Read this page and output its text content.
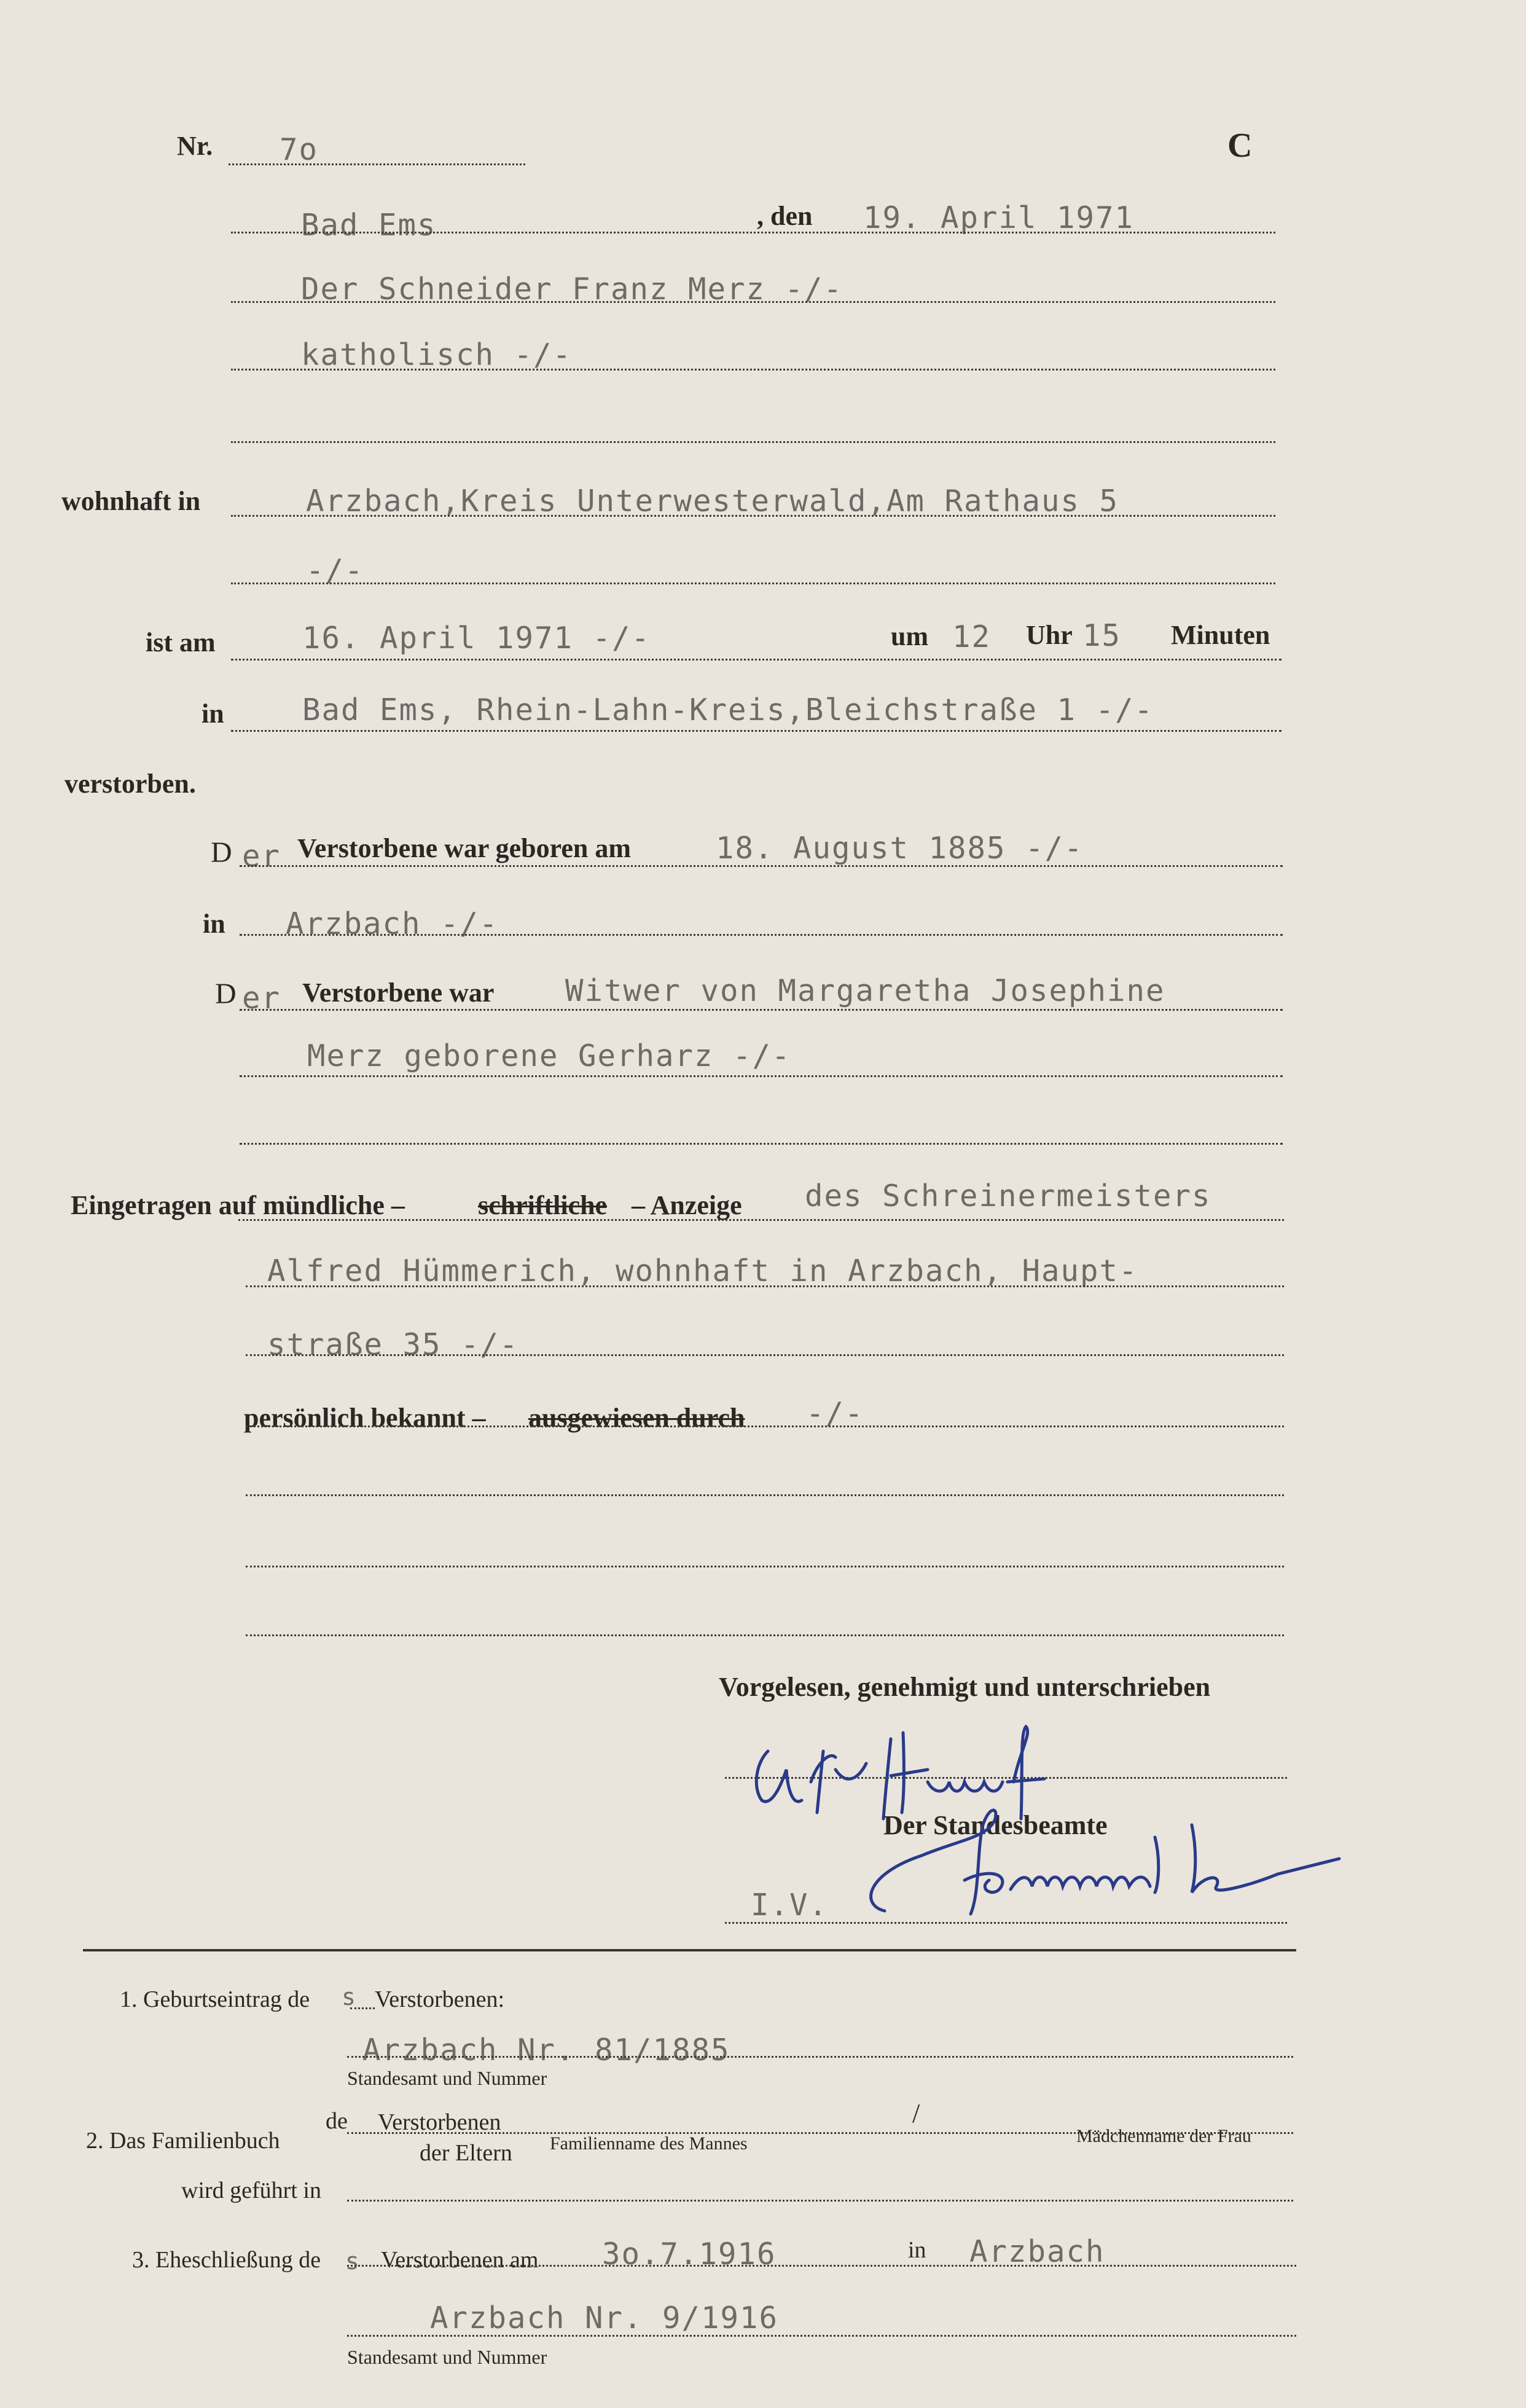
Nr. 7o	C
Bad Ems	, den 19. April 1971
Der Schneider Franz Merz -/-
katholisch -/-
wohnhaft in	Arzbach,Kreis Unterwesterwald,Am Rathaus 5
-/-
ist am	16. April 1971 -/-	um 12 Uhr 15 Minuten
in	Bad Ems, Rhein-Lahn-Kreis,Bleichstraße 1 -/-
verstorben.
D er Verstorbene war geboren am	18. August 1885 -/-
in Arzbach -/-
D er Verstorbene war Witwer von Margaretha Josephine
Merz geborene Gerharz -/-
Eingetragen auf mündliche –	schriftliche – Anzeige des Schreinermeisters
Alfred Hümmerich, wohnhaft in Arzbach, Haupt-
straße 35 -/-
persönlich bekannt – ausgewiesen durch -/-
Vorgelesen, genehmigt und unterschrieben
Der Standesbeamte
I.V.
1. Geburtseintrag de s Verstorbenen:
Arzbach Nr. 81/1885
Standesamt und Nummer
2. Das Familienbuch
de Verstorbenen
der Eltern Familienname des Mannes
/
Mädchenname der Frau
wird geführt in
3. Eheschließung de s Verstorbenen am 3o.7.1916	in Arzbach
Arzbach Nr. 9/1916
Standesamt und Nummer
